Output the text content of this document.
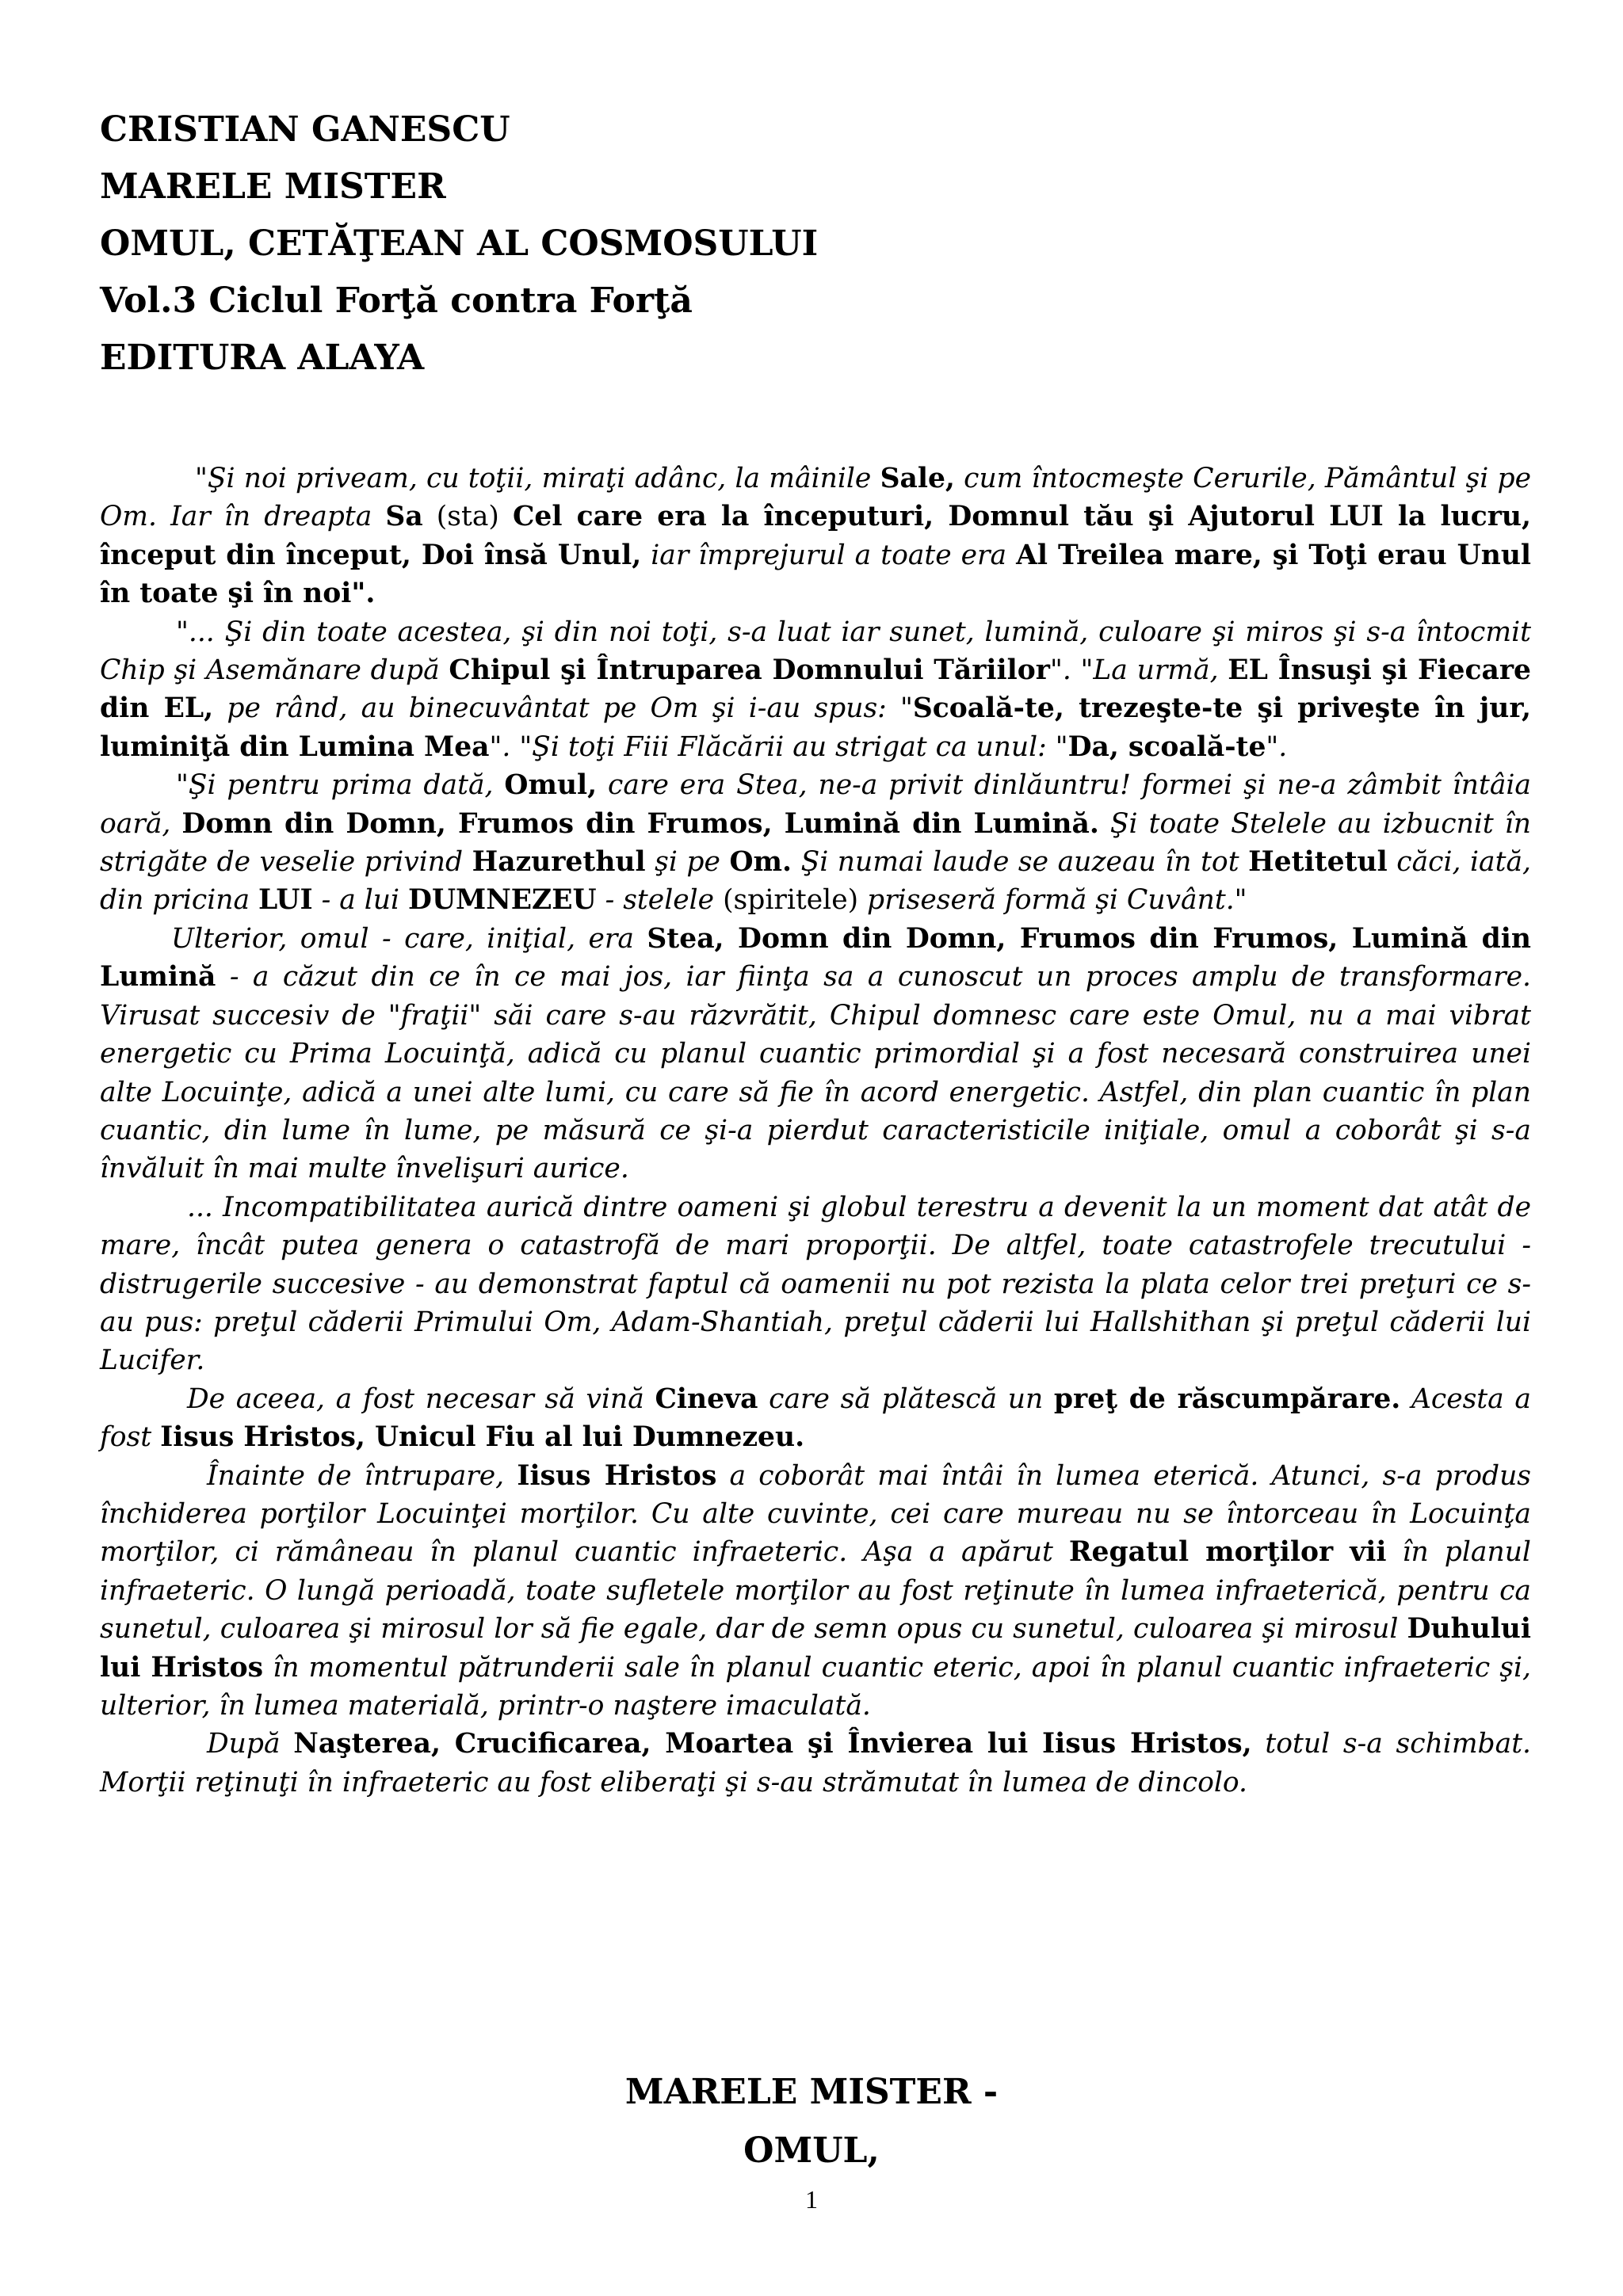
CRISTIAN GANESCU
MARELE MISTER
OMUL, CETĂŢEAN AL COSMOSULUI
Vol.3 Ciclul Forţă contra Forţă
EDITURA ALAYA

"Şi noi priveam, cu toţii, miraţi adânc, la mâinile Sale, cum întocmeşte Cerurile, Pământul şi pe Om. Iar în dreapta Sa (sta) Cel care era la începuturi, Domnul tău şi Ajutorul LUI la lucru, început din început, Doi însă Unul, iar împrejurul a toate era Al Treilea mare, şi Toţi erau Unul în toate şi în noi".

"... Şi din toate acestea, şi din noi toţi, s-a luat iar sunet, lumină, culoare şi miros şi s-a întocmit Chip şi Asemănare după Chipul şi Întruparea Domnului Tăriilor". "La urmă, EL Însuşi şi Fiecare din EL, pe rând, au binecuvântat pe Om şi i-au spus: "Scoală-te, trezeşte-te şi priveşte în jur, luminiţă din Lumina Mea". "Şi toţi Fiii Flăcării au strigat ca unul: "Da, scoală-te".

"Şi pentru prima dată, Omul, care era Stea, ne-a privit dinlăuntru! formei şi ne-a zâmbit întâia oară, Domn din Domn, Frumos din Frumos, Lumină din Lumină. Şi toate Stelele au izbucnit în strigăte de veselie privind Hazurethul şi pe Om. Şi numai laude se auzeau în tot Hetitetul căci, iată, din pricina LUI - a lui DUMNEZEU - stelele (spiritele) priseseră formă şi Cuvânt."

Ulterior, omul - care, iniţial, era Stea, Domn din Domn, Frumos din Frumos, Lumină din Lumină - a căzut din ce în ce mai jos, iar fiinţa sa a cunoscut un proces amplu de transformare. Virusat succesiv de "fraţii" săi care s-au răzvrătit, Chipul domnesc care este Omul, nu a mai vibrat energetic cu Prima Locuinţă, adică cu planul cuantic primordial şi a fost necesară construirea unei alte Locuinţe, adică a unei alte lumi, cu care să fie în acord energetic. Astfel, din plan cuantic în plan cuantic, din lume în lume, pe măsură ce şi-a pierdut caracteristicile iniţiale, omul a coborât şi s-a învăluit în mai multe învelişuri aurice.

... Incompatibilitatea aurică dintre oameni şi globul terestru a devenit la un moment dat atât de mare, încât putea genera o catastrofă de mari proporţii. De altfel, toate catastrofele trecutului - distrugerile succesive - au demonstrat faptul că oamenii nu pot rezista la plata celor trei preţuri ce s-au pus: preţul căderii Primului Om, Adam-Shantiah, preţul căderii lui Hallshithan şi preţul căderii lui Lucifer.

De aceea, a fost necesar să vină Cineva care să plătescă un preţ de răscumpărare. Acesta a fost Iisus Hristos, Unicul Fiu al lui Dumnezeu.

Înainte de întrupare, Iisus Hristos a coborât mai întâi în lumea eterică. Atunci, s-a produs închiderea porţilor Locuinţei morţilor. Cu alte cuvinte, cei care mureau nu se întorceau în Locuinţa morţilor, ci rămâneau în planul cuantic infraeteric. Aşa a apărut Regatul morţilor vii în planul infraeteric. O lungă perioadă, toate sufletele morţilor au fost reţinute în lumea infraeterică, pentru ca sunetul, culoarea şi mirosul lor să fie egale, dar de semn opus cu sunetul, culoarea şi mirosul Duhului lui Hristos în momentul pătrunderii sale în planul cuantic eteric, apoi în planul cuantic infraeteric şi, ulterior, în lumea materială, printr-o naştere imaculată.

După Naşterea, Crucificarea, Moartea şi Învierea lui Iisus Hristos, totul s-a schimbat. Morţii reţinuţi în infraeteric au fost eliberaţi şi s-au strămutat în lumea de dincolo.

MARELE MISTER -
OMUL,
1
